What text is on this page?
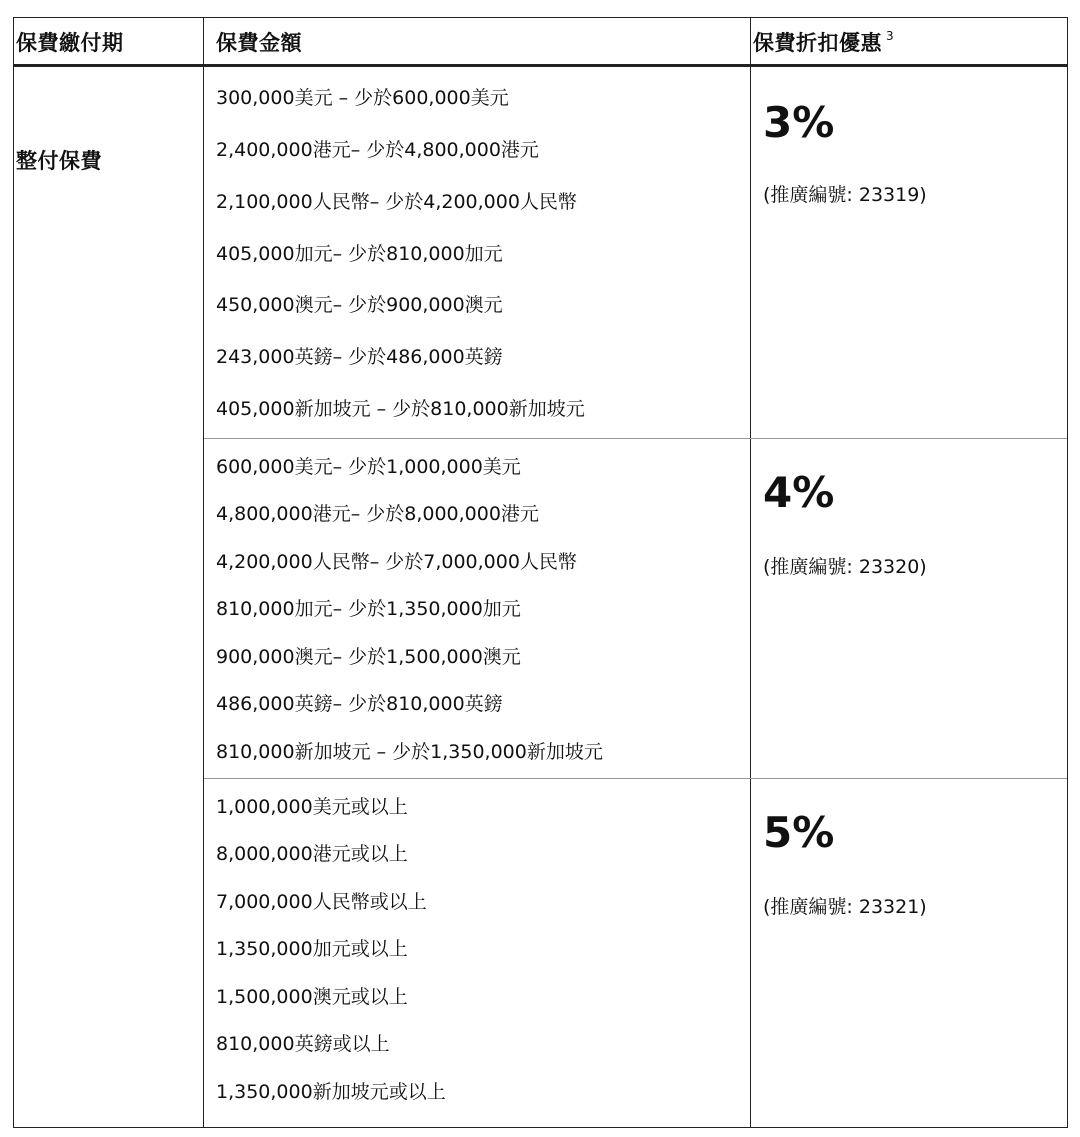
保費繳付期	保費金額	保費折扣優惠 $^3$
整付保費
300,000美元 – 少於600,000美元
2,400,000港元– 少於4,800,000港元
2,100,000人民幣– 少於4,200,000人民幣
405,000加元– 少於810,000加元
450,000澳元– 少於900,000澳元
243,000英鎊– 少於486,000英鎊
405,000新加坡元 – 少於810,000新加坡元
3%
(推廣編號: 23319)
600,000美元– 少於1,000,000美元
4,800,000港元– 少於8,000,000港元
4,200,000人民幣– 少於7,000,000人民幣
810,000加元– 少於1,350,000加元
900,000澳元– 少於1,500,000澳元
486,000英鎊– 少於810,000英鎊
810,000新加坡元 – 少於1,350,000新加坡元
4%
(推廣編號: 23320)
1,000,000美元或以上
8,000,000港元或以上
7,000,000人民幣或以上
1,350,000加元或以上
1,500,000澳元或以上
810,000英鎊或以上
1,350,000新加坡元或以上
5%
(推廣編號: 23321)
